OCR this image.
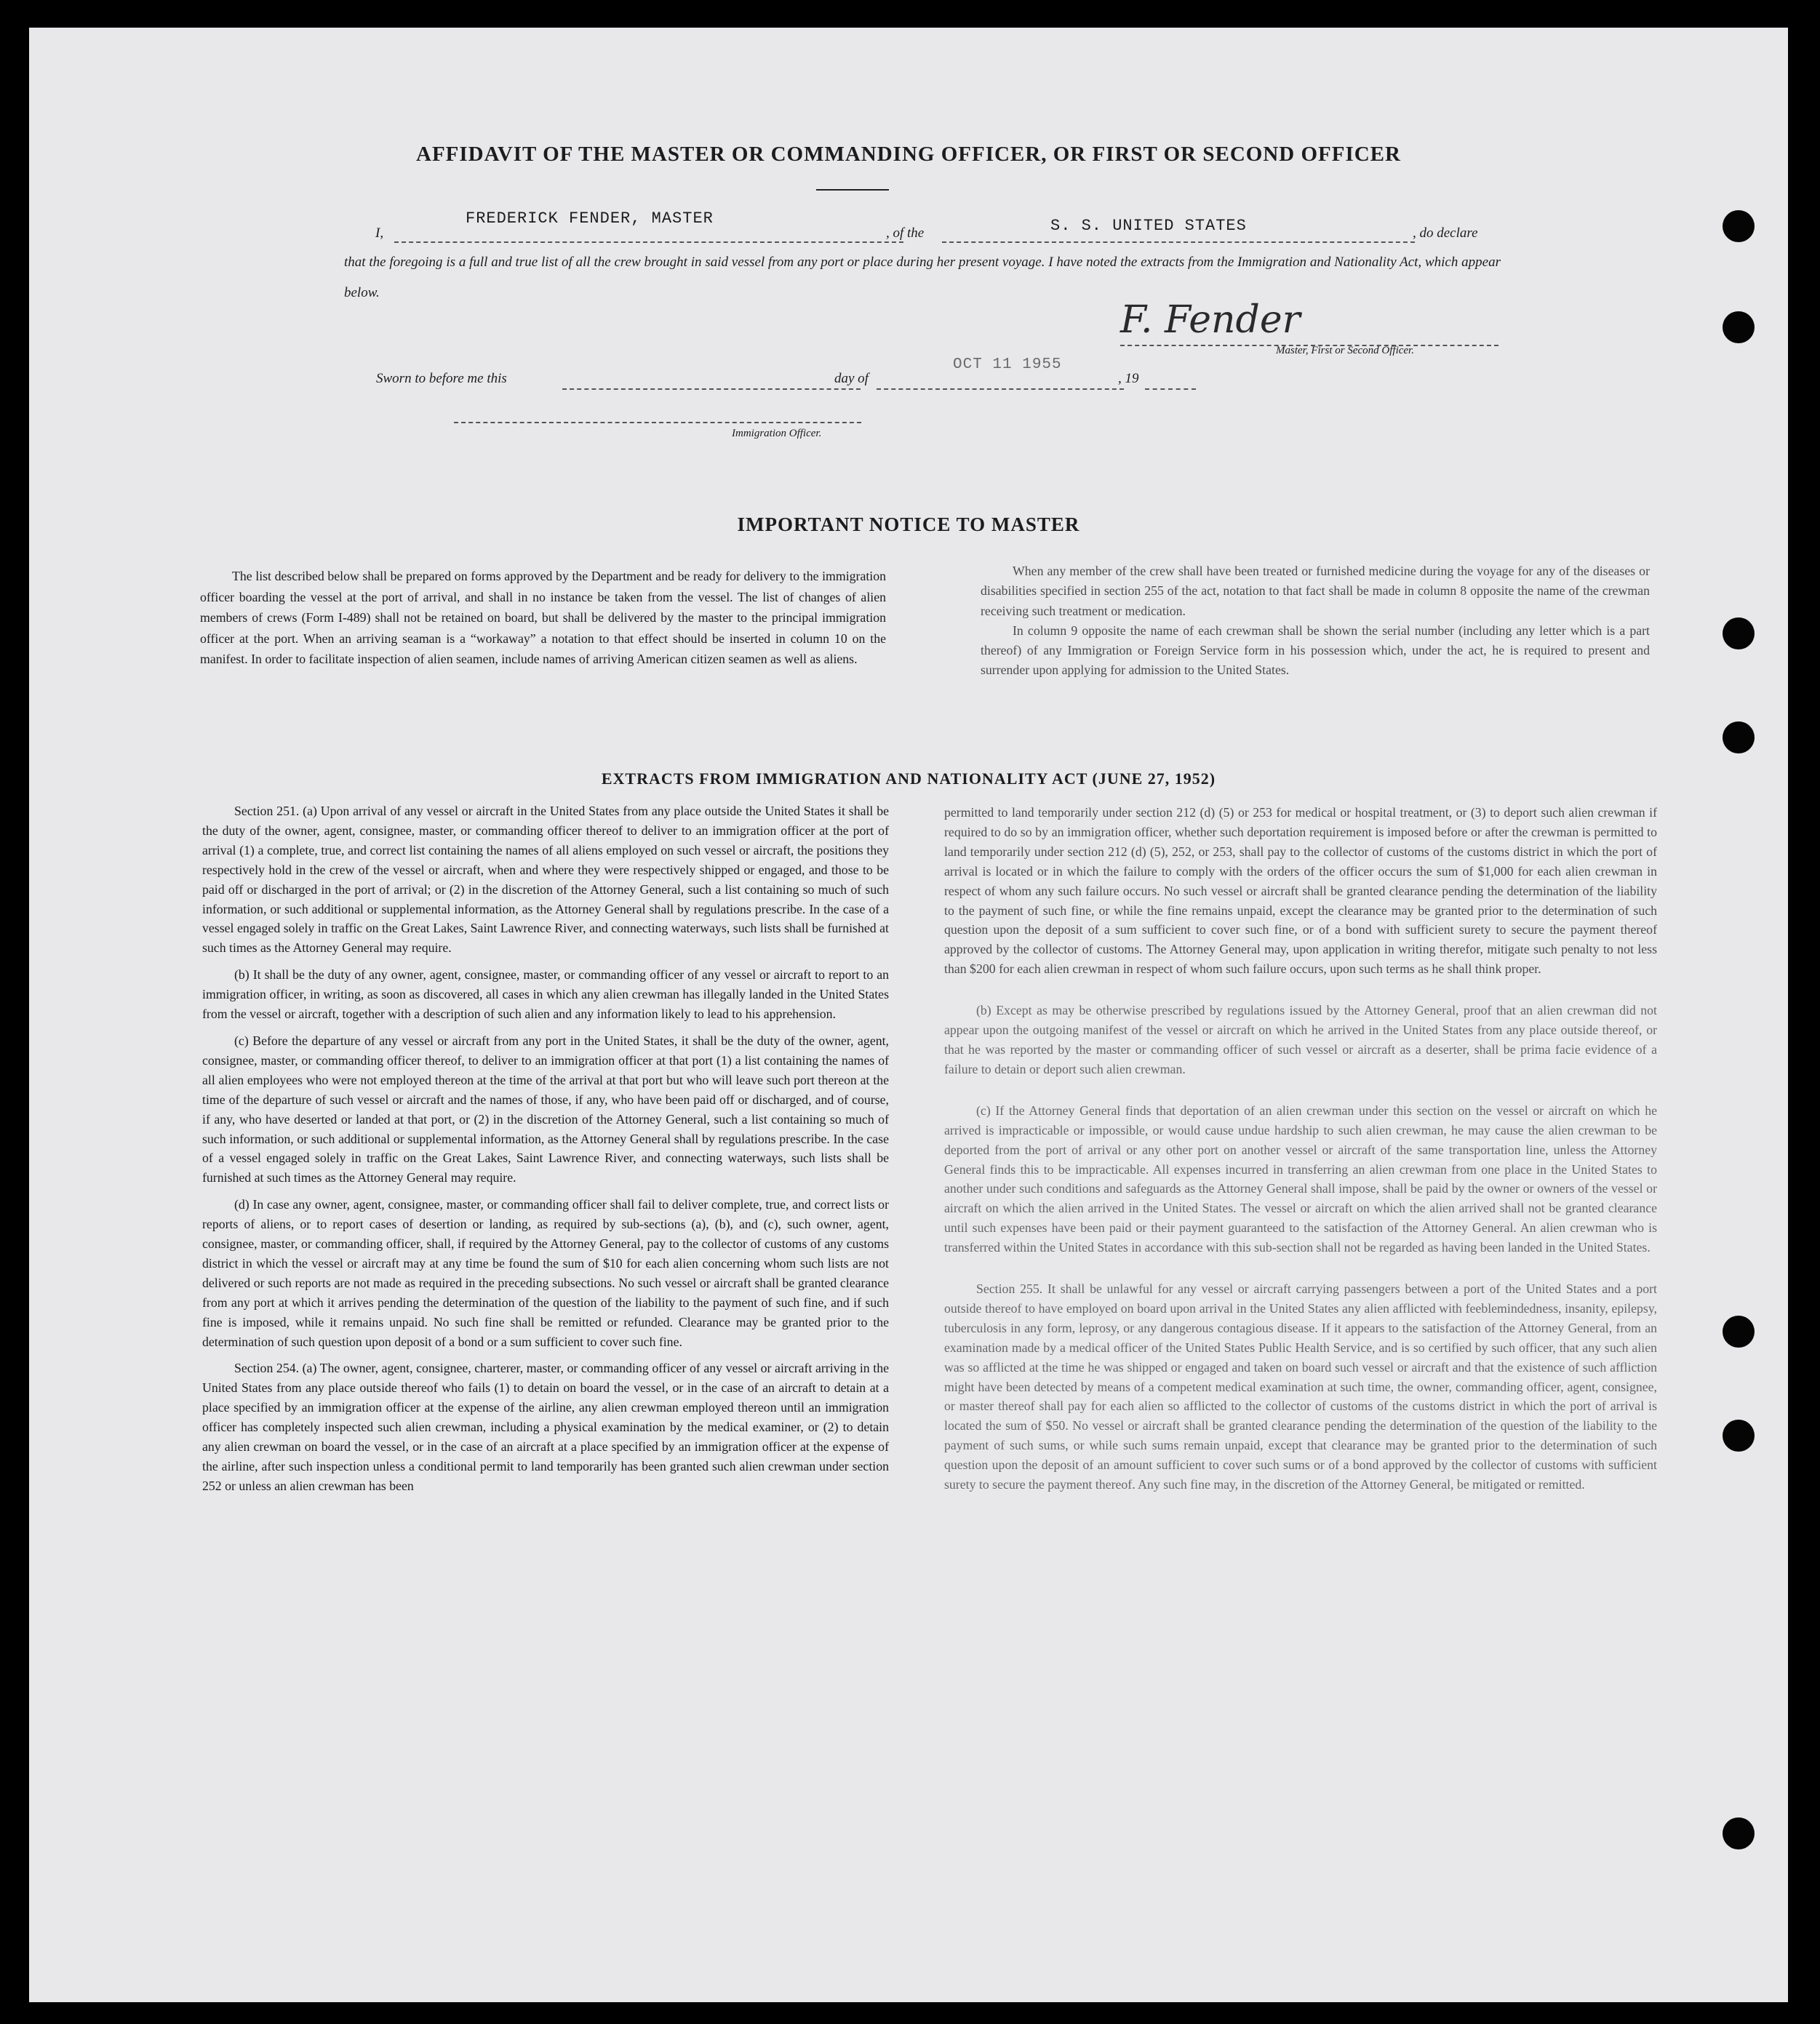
AFFIDAVIT OF THE MASTER OR COMMANDING OFFICER, OR FIRST OR SECOND OFFICER
I,
FREDERICK FENDER, MASTER
, of the	S. S. UNITED STATES	, do declare
that the foregoing is a full and true list of all the crew brought in said vessel from any port or place during her present voyage. I have noted the extracts from the Immigration and Nationality Act, which appear below.
F. Fender
Master, First or Second Officer.
Sworn to before me this	day of
OCT 11 1955
, 19
Immigration Officer.
IMPORTANT NOTICE TO MASTER

The list described below shall be prepared on forms approved by the Department and be ready for delivery to the immigration officer boarding the vessel at the port of arrival, and shall in no instance be taken from the vessel. The list of changes of alien members of crews (Form I-489) shall not be retained on board, but shall be delivered by the master to the principal immigration officer at the port. When an arriving seaman is a “workaway” a notation to that effect should be inserted in column 10 on the manifest. In order to facilitate inspection of alien seamen, include names of arriving American citizen seamen as well as aliens.

When any member of the crew shall have been treated or furnished medicine during the voyage for any of the diseases or disabilities specified in section 255 of the act, notation to that fact shall be made in column 8 opposite the name of the crewman receiving such treatment or medication.

In column 9 opposite the name of each crewman shall be shown the serial number (including any letter which is a part thereof) of any Immigration or Foreign Service form in his possession which, under the act, he is required to present and surrender upon applying for admission to the United States.

EXTRACTS FROM IMMIGRATION AND NATIONALITY ACT (JUNE 27, 1952)

Section 251. (a) Upon arrival of any vessel or aircraft in the United States from any place outside the United States it shall be the duty of the owner, agent, consignee, master, or commanding officer thereof to deliver to an immigration officer at the port of arrival (1) a complete, true, and correct list containing the names of all aliens employed on such vessel or aircraft, the positions they respectively hold in the crew of the vessel or aircraft, when and where they were respectively shipped or engaged, and those to be paid off or discharged in the port of arrival; or (2) in the discretion of the Attorney General, such a list containing so much of such information, or such additional or supplemental information, as the Attorney General shall by regulations prescribe. In the case of a vessel engaged solely in traffic on the Great Lakes, Saint Lawrence River, and connecting waterways, such lists shall be furnished at such times as the Attorney General may require.

(b) It shall be the duty of any owner, agent, consignee, master, or commanding officer of any vessel or aircraft to report to an immigration officer, in writing, as soon as discovered, all cases in which any alien crewman has illegally landed in the United States from the vessel or aircraft, together with a description of such alien and any information likely to lead to his apprehension.

(c) Before the departure of any vessel or aircraft from any port in the United States, it shall be the duty of the owner, agent, consignee, master, or commanding officer thereof, to deliver to an immigration officer at that port (1) a list containing the names of all alien employees who were not employed thereon at the time of the arrival at that port but who will leave such port thereon at the time of the departure of such vessel or aircraft and the names of those, if any, who have been paid off or discharged, and of course, if any, who have deserted or landed at that port, or (2) in the discretion of the Attorney General, such a list containing so much of such information, or such additional or supplemental information, as the Attorney General shall by regulations prescribe. In the case of a vessel engaged solely in traffic on the Great Lakes, Saint Lawrence River, and connecting waterways, such lists shall be furnished at such times as the Attorney General may require.

(d) In case any owner, agent, consignee, master, or commanding officer shall fail to deliver complete, true, and correct lists or reports of aliens, or to report cases of desertion or landing, as required by sub-sections (a), (b), and (c), such owner, agent, consignee, master, or commanding officer, shall, if required by the Attorney General, pay to the collector of customs of any customs district in which the vessel or aircraft may at any time be found the sum of $10 for each alien concerning whom such lists are not delivered or such reports are not made as required in the preceding subsections. No such vessel or aircraft shall be granted clearance from any port at which it arrives pending the determination of the question of the liability to the payment of such fine, and if such fine is imposed, while it remains unpaid. No such fine shall be remitted or refunded. Clearance may be granted prior to the determination of such question upon deposit of a bond or a sum sufficient to cover such fine.

Section 254. (a) The owner, agent, consignee, charterer, master, or commanding officer of any vessel or aircraft arriving in the United States from any place outside thereof who fails (1) to detain on board the vessel, or in the case of an aircraft to detain at a place specified by an immigration officer at the expense of the airline, any alien crewman employed thereon until an immigration officer has completely inspected such alien crewman, including a physical examination by the medical examiner, or (2) to detain any alien crewman on board the vessel, or in the case of an aircraft at a place specified by an immigration officer at the expense of the airline, after such inspection unless a conditional permit to land temporarily has been granted such alien crewman under section 252 or unless an alien crewman has been

permitted to land temporarily under section 212 (d) (5) or 253 for medical or hospital treatment, or (3) to deport such alien crewman if required to do so by an immigration officer, whether such deportation requirement is imposed before or after the crewman is permitted to land temporarily under section 212 (d) (5), 252, or 253, shall pay to the collector of customs of the customs district in which the port of arrival is located or in which the failure to comply with the orders of the officer occurs the sum of $1,000 for each alien crewman in respect of whom any such failure occurs. No such vessel or aircraft shall be granted clearance pending the determination of the liability to the payment of such fine, or while the fine remains unpaid, except the clearance may be granted prior to the determination of such question upon the deposit of a sum sufficient to cover such fine, or of a bond with sufficient surety to secure the payment thereof approved by the collector of customs. The Attorney General may, upon application in writing therefor, mitigate such penalty to not less than $200 for each alien crewman in respect of whom such failure occurs, upon such terms as he shall think proper.

(b) Except as may be otherwise prescribed by regulations issued by the Attorney General, proof that an alien crewman did not appear upon the outgoing manifest of the vessel or aircraft on which he arrived in the United States from any place outside thereof, or that he was reported by the master or commanding officer of such vessel or aircraft as a deserter, shall be prima facie evidence of a failure to detain or deport such alien crewman.

(c) If the Attorney General finds that deportation of an alien crewman under this section on the vessel or aircraft on which he arrived is impracticable or impossible, or would cause undue hardship to such alien crewman, he may cause the alien crewman to be deported from the port of arrival or any other port on another vessel or aircraft of the same transportation line, unless the Attorney General finds this to be impracticable. All expenses incurred in transferring an alien crewman from one place in the United States to another under such conditions and safeguards as the Attorney General shall impose, shall be paid by the owner or owners of the vessel or aircraft on which the alien arrived in the United States. The vessel or aircraft on which the alien arrived shall not be granted clearance until such expenses have been paid or their payment guaranteed to the satisfaction of the Attorney General. An alien crewman who is transferred within the United States in accordance with this sub-section shall not be regarded as having been landed in the United States.

Section 255. It shall be unlawful for any vessel or aircraft carrying passengers between a port of the United States and a port outside thereof to have employed on board upon arrival in the United States any alien afflicted with feeblemindedness, insanity, epilepsy, tuberculosis in any form, leprosy, or any dangerous contagious disease. If it appears to the satisfaction of the Attorney General, from an examination made by a medical officer of the United States Public Health Service, and is so certified by such officer, that any such alien was so afflicted at the time he was shipped or engaged and taken on board such vessel or aircraft and that the existence of such affliction might have been detected by means of a competent medical examination at such time, the owner, commanding officer, agent, consignee, or master thereof shall pay for each alien so afflicted to the collector of customs of the customs district in which the port of arrival is located the sum of $50. No vessel or aircraft shall be granted clearance pending the determination of the question of the liability to the payment of such sums, or while such sums remain unpaid, except that clearance may be granted prior to the determination of such question upon the deposit of an amount sufficient to cover such sums or of a bond approved by the collector of customs with sufficient surety to secure the payment thereof. Any such fine may, in the discretion of the Attorney General, be mitigated or remitted.
